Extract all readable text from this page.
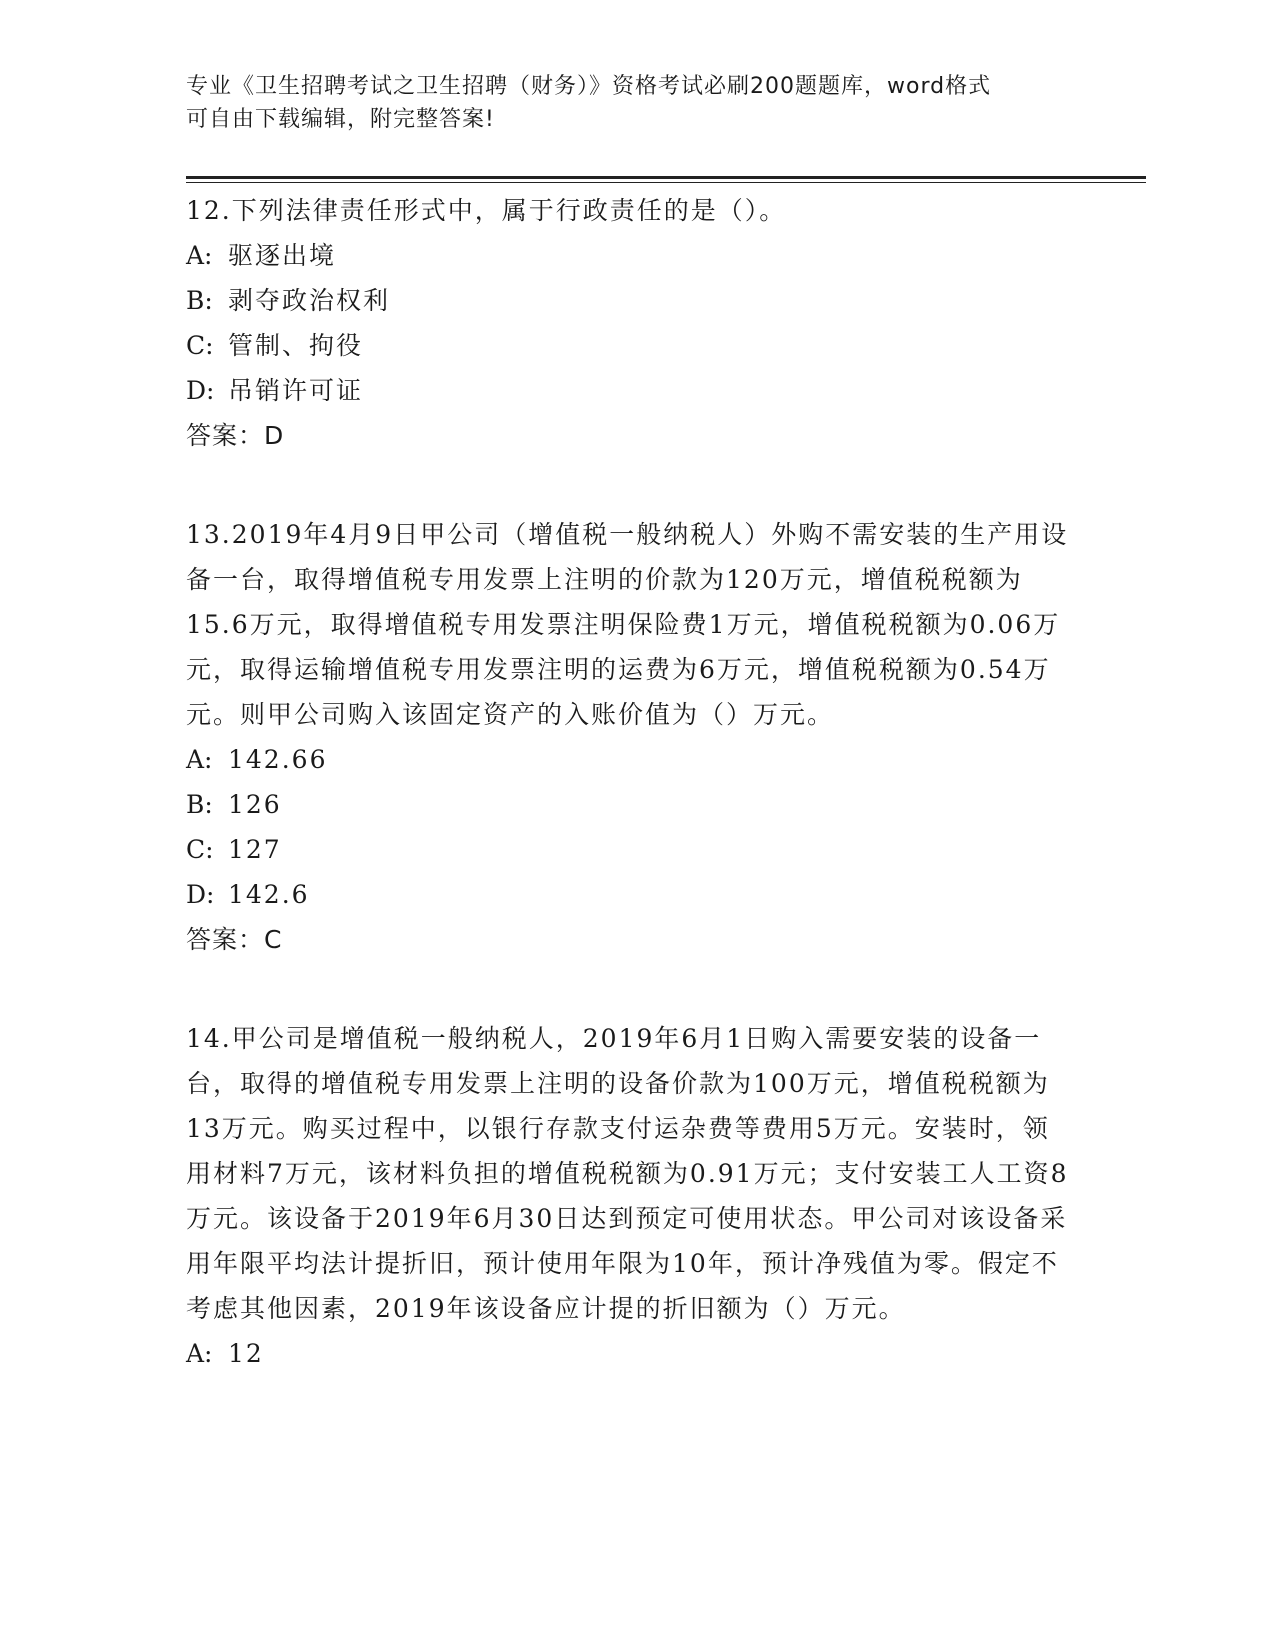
专业《卫生招聘考试之卫生招聘（财务）》资格考试必刷200题题库，word格式
可自由下载编辑，附完整答案!

12.下列法律责任形式中，属于行政责任的是（）。

A: 驱逐出境

B: 剥夺政治权利

C: 管制、拘役

D: 吊销许可证

答案：D

13.2019年4月9日甲公司（增值税一般纳税人）外购不需安装的生产用设备一台，取得增值税专用发票上注明的价款为120万元，增值税税额为15.6万元，取得增值税专用发票注明保险费1万元，增值税税额为0.06万元，取得运输增值税专用发票注明的运费为6万元，增值税税额为0.54万元。则甲公司购入该固定资产的入账价值为（）万元。

A: 142.66

B: 126

C: 127

D: 142.6

答案：C

14.甲公司是增值税一般纳税人，2019年6月1日购入需要安装的设备一台，取得的增值税专用发票上注明的设备价款为100万元，增值税税额为13万元。购买过程中，以银行存款支付运杂费等费用5万元。安装时，领用材料7万元，该材料负担的增值税税额为0.91万元；支付安装工人工资8万元。该设备于2019年6月30日达到预定可使用状态。甲公司对该设备采用年限平均法计提折旧，预计使用年限为10年，预计净残值为零。假定不考虑其他因素，2019年该设备应计提的折旧额为（）万元。

A: 12
